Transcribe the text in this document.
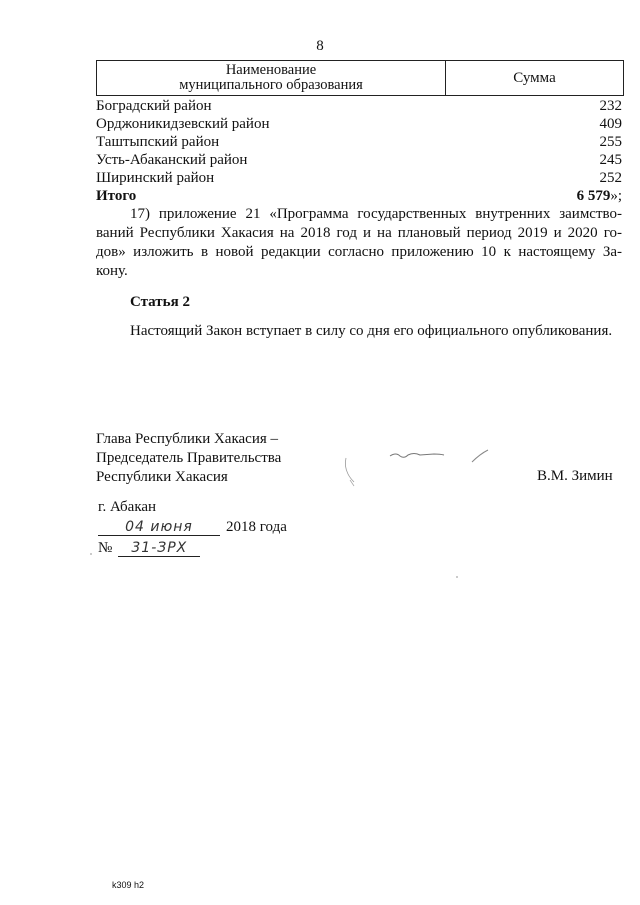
8
Наименование
муниципального образования	Сумма
Боградский район	232
Орджоникидзевский район	409
Таштыпский район	255
Усть-Абаканский район	245
Ширинский район	252
Итого	6 579»;
17) приложение 21 «Программа государственных внутренних заимство-
ваний Республики Хакасия на 2018 год и на плановый период 2019 и 2020 го-
дов» изложить в новой редакции согласно приложению 10 к настоящему За-
кону.
Статья 2
Настоящий Закон вступает в силу со дня его официального опубликования.
Глава Республики Хакасия –
Председатель Правительства
Республики Хакасия	В.М. Зимин
г. Абакан
04 июня	2018 года
№	31-ЗРХ
k309 h2
